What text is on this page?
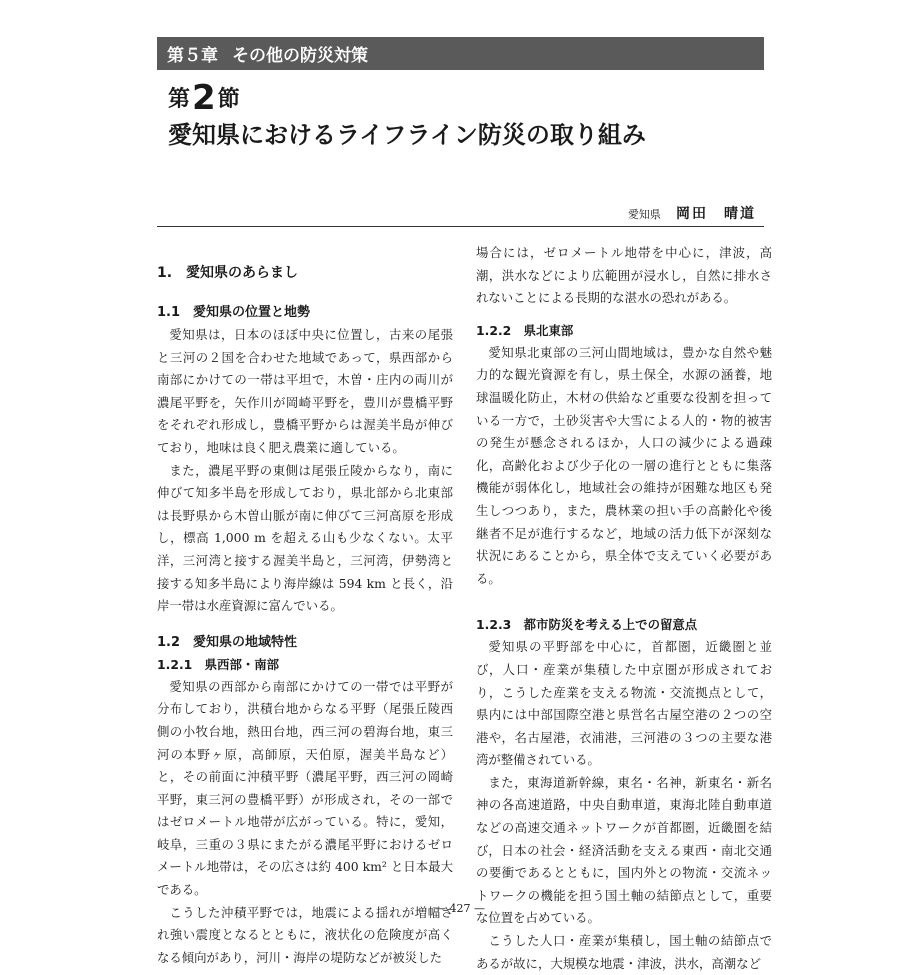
第５章 その他の防災対策
第2節
愛知県におけるライフライン防災の取り組み
愛知県 岡田　晴道
1.　愛知県のあらまし
1.1　愛知県の位置と地勢

愛知県は，日本のほぼ中央に位置し，古来の尾張と三河の２国を合わせた地域であって，県西部から南部にかけての一帯は平坦で，木曽・庄内の両川が濃尾平野を，矢作川が岡崎平野を，豊川が豊橋平野をそれぞれ形成し，豊橋平野からは渥美半島が伸びており，地味は良く肥え農業に適している。

また，濃尾平野の東側は尾張丘陵からなり，南に伸びて知多半島を形成しており，県北部から北東部は長野県から木曽山脈が南に伸びて三河高原を形成し，標高 1,000 m を超える山も少なくない。太平洋，三河湾と接する渥美半島と，三河湾，伊勢湾と接する知多半島により海岸線は 594 km と長く，沿岸一帯は水産資源に富んでいる。

1.2　愛知県の地域特性
1.2.1　県西部・南部

愛知県の西部から南部にかけての一帯では平野が分布しており，洪積台地からなる平野（尾張丘陵西側の小牧台地，熱田台地，西三河の碧海台地，東三河の本野ヶ原，高師原，天伯原，渥美半島など）と，その前面に沖積平野（濃尾平野，西三河の岡崎平野，東三河の豊橋平野）が形成され，その一部ではゼロメートル地帯が広がっている。特に，愛知，岐阜，三重の３県にまたがる濃尾平野におけるゼロメートル地帯は，その広さは約 400 km² と日本最大である。

こうした沖積平野では，地震による揺れが増幅され強い震度となるとともに，液状化の危険度が高くなる傾向があり，河川・海岸の堤防などが被災した

場合には，ゼロメートル地帯を中心に，津波，高潮，洪水などにより広範囲が浸水し，自然に排水されないことによる長期的な湛水の恐れがある。

1.2.2　県北東部

愛知県北東部の三河山間地域は，豊かな自然や魅力的な観光資源を有し，県土保全，水源の涵養，地球温暖化防止，木材の供給など重要な役割を担っている一方で，土砂災害や大雪による人的・物的被害の発生が懸念されるほか，人口の減少による過疎化，高齢化および少子化の一層の進行とともに集落機能が弱体化し，地域社会の維持が困難な地区も発生しつつあり，また，農林業の担い手の高齢化や後継者不足が進行するなど，地域の活力低下が深刻な状況にあることから，県全体で支えていく必要がある。

1.2.3　都市防災を考える上での留意点

愛知県の平野部を中心に，首都圏，近畿圏と並び，人口・産業が集積した中京圏が形成されており，こうした産業を支える物流・交流拠点として，県内には中部国際空港と県営名古屋空港の２つの空港や，名古屋港，衣浦港，三河港の３つの主要な港湾が整備されている。

また，東海道新幹線，東名・名神，新東名・新名神の各高速道路，中央自動車道，東海北陸自動車道などの高速交通ネットワークが首都圏，近畿圏を結び，日本の社会・経済活動を支える東西・南北交通の要衝であるとともに，国内外との物流・交流ネットワークの機能を担う国土軸の結節点として，重要な位置を占めている。

こうした人口・産業が集積し，国土軸の結節点であるが故に，大規模な地震・津波，洪水，高潮など

— 427 —
